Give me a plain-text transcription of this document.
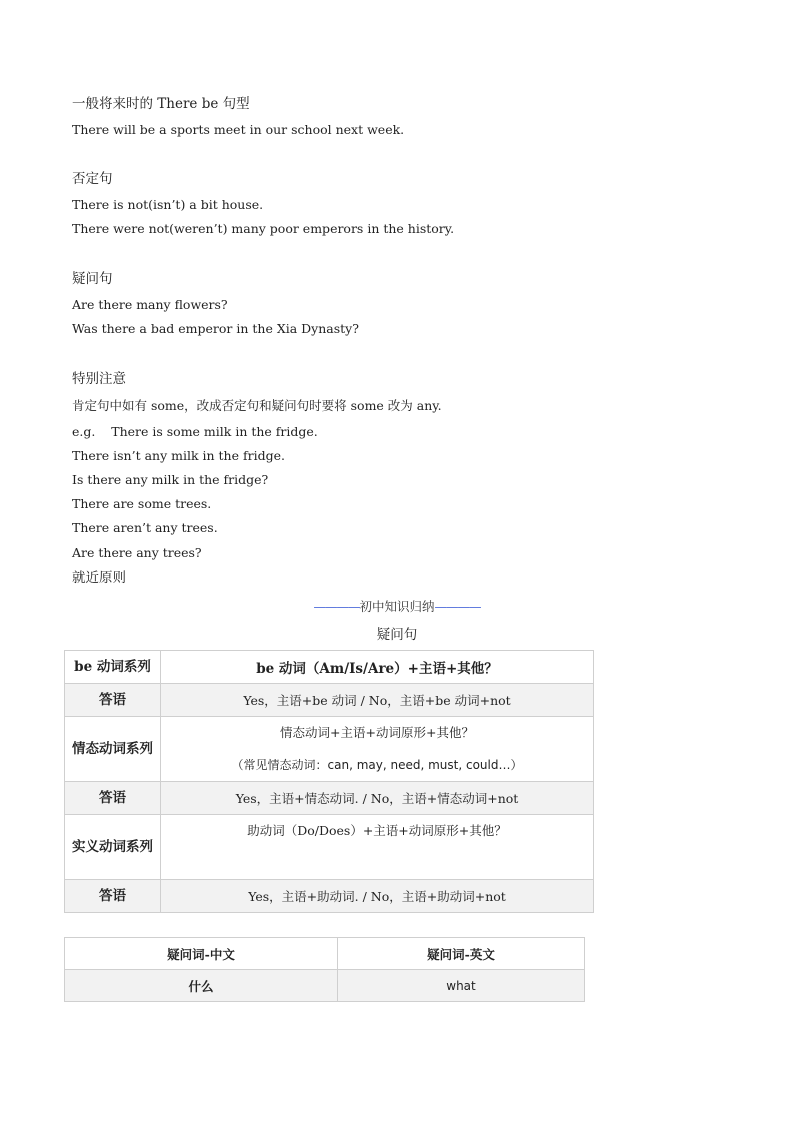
一般将来时的 There be 句型
There will be a sports meet in our school next week.
否定句
There is not(isn’t) a bit house.
There were not(weren’t) many poor emperors in the history.
疑问句
Are there many flowers?
Was there a bad emperor in the Xia Dynasty?
特别注意
肯定句中如有 some，改成否定句和疑问句时要将 some 改为 any.
e.g.    There is some milk in the fridge.
There isn’t any milk in the fridge.
Is there any milk in the fridge?
There are some trees.
There aren’t any trees.
Are there any trees?
就近原则
————初中知识归纳————
疑问句
be 动词系列	be 动词（Am/Is/Are）+主语+其他？
答语	Yes，主语+be 动词 / No，主语+be 动词+not
情态动词系列	情态动词+主语+动词原形+其他？
（常见情态动词：can, may, need, must, could…）

答语	Yes，主语+情态动词. / No，主语+情态动词+not
实义动词系列	助动词（Do/Does）+主语+动词原形+其他？
答语	Yes，主语+助动词. / No，主语+助动词+not
疑问词-中文	疑问词-英文
什么	what
